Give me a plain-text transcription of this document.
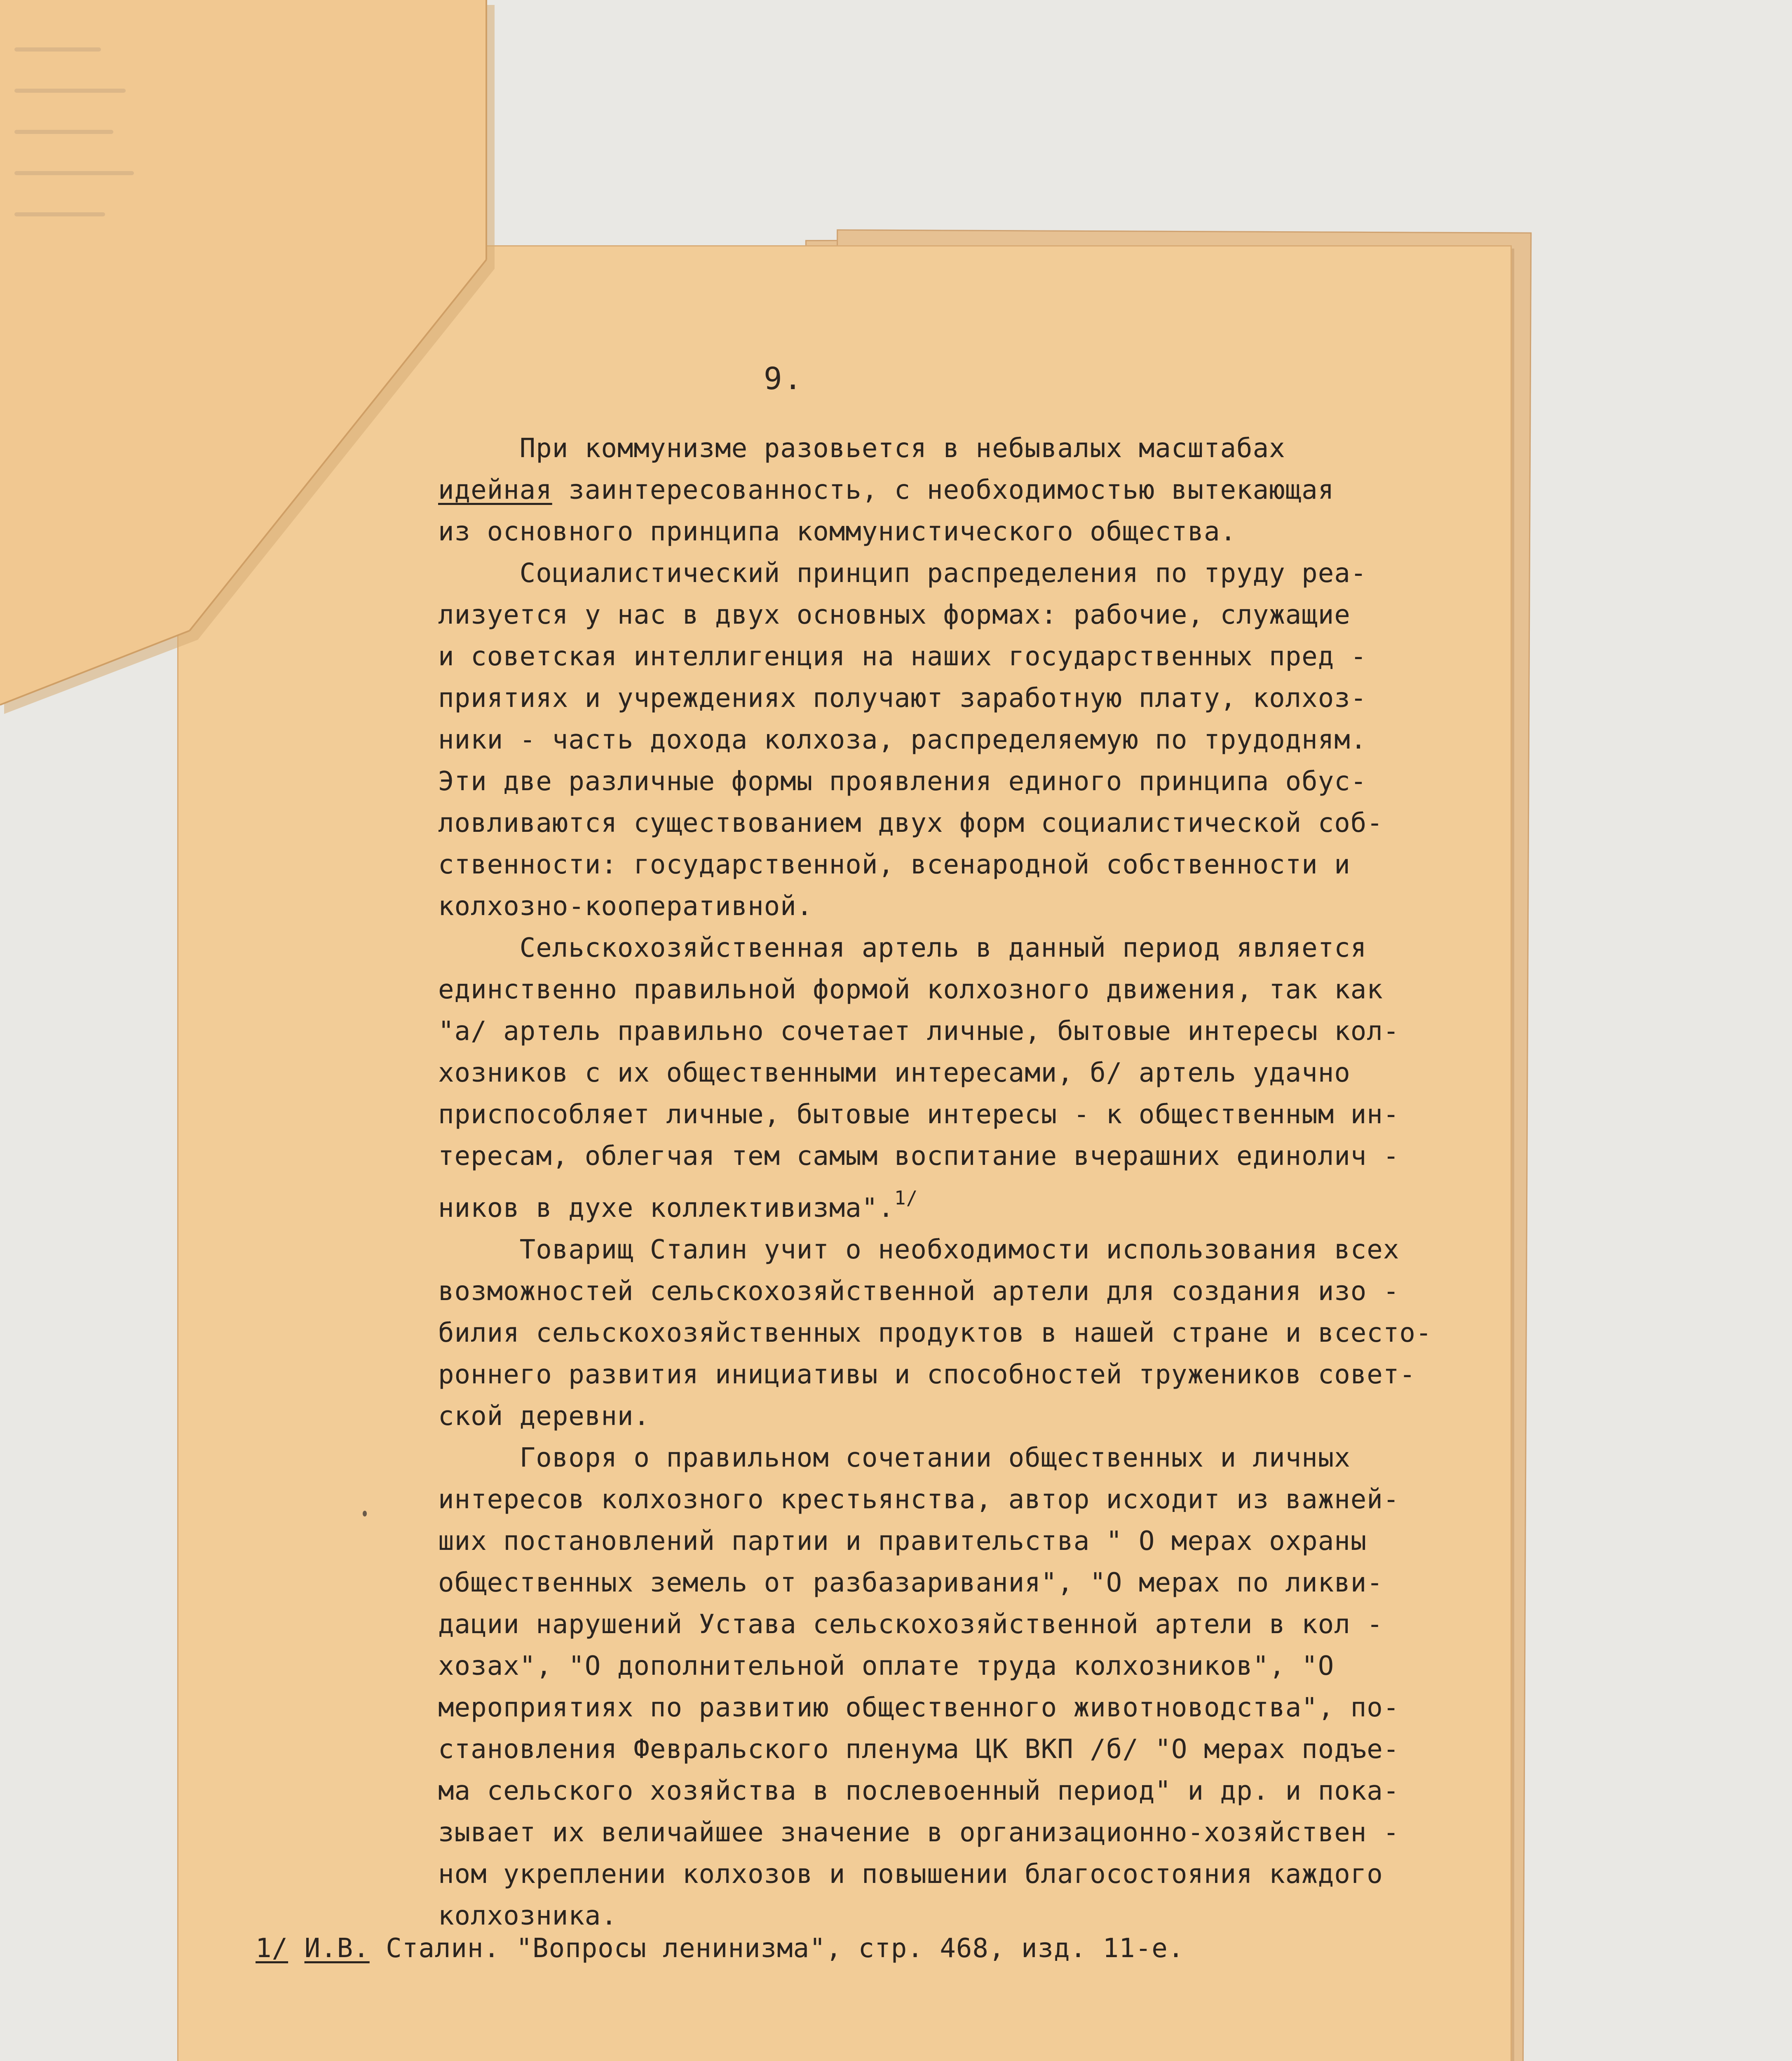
9.

При коммунизме разовьется в небывалых масштабах

идейная заинтересованность, с необходимостью вытекающая

из основного принципа коммунистического общества.

Социалистический принцип распределения по труду реа-

лизуется у нас в двух основных формах: рабочие, служащие

и советская интеллигенция на наших государственных пред -

приятиях и учреждениях получают заработную плату, колхоз-

ники - часть дохода колхоза, распределяемую по трудодням.

Эти две различные формы проявления единого принципа обус-

ловливаются существованием двух форм социалистической соб-

ственности: государственной, всенародной собственности и

колхозно-кооперативной.

Сельскохозяйственная артель в данный период является

единственно правильной формой колхозного движения, так как

"а/ артель правильно сочетает личные, бытовые интересы кол-

хозников с их общественными интересами, б/ артель удачно

приспособляет личные, бытовые интересы - к общественным ин-

тересам, облегчая тем самым воспитание вчерашних единолич -

ников в духе коллективизма".$^{1/}$

Товарищ Сталин учит о необходимости использования всех

возможностей сельскохозяйственной артели для создания изо -

билия сельскохозяйственных продуктов в нашей стране и всесто-

роннего развития инициативы и способностей тружеников совет-

ской деревни.

Говоря о правильном сочетании общественных и личных

интересов колхозного крестьянства, автор исходит из важней-

ших постановлений партии и правительства " О мерах охраны

общественных земель от разбазаривания", "О мерах по ликви-

дации нарушений Устава сельскохозяйственной артели в кол -

хозах", "О дополнительной оплате труда колхозников", "О

мероприятиях по развитию общественного животноводства", по-

становления Февральского пленума ЦК ВКП /б/ "О мерах подъе-

ма сельского хозяйства в послевоенный период" и др. и пока-

зывает их величайшее значение в организационно-хозяйствен -

ном укреплении колхозов и повышении благосостояния каждого

колхозника.

1/ И.В. Сталин. "Вопросы ленинизма", стр. 468, изд. 11-е.
